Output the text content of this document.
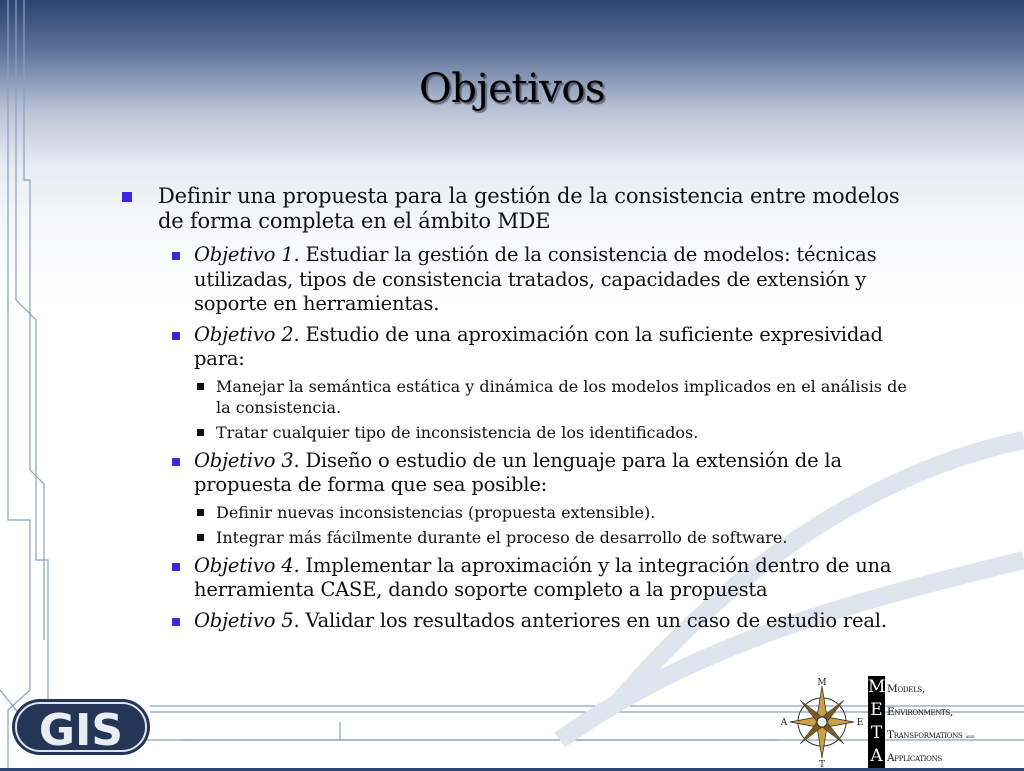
Objetivos
Definir una propuesta para la gestión de la consistencia entre modelos de forma completa en el ámbito MDE
Objetivo 1. Estudiar la gestión de la consistencia de modelos: técnicas utilizadas, tipos de consistencia tratados, capacidades de extensión y soporte en herramientas.
Objetivo 2. Estudio de una aproximación con la suficiente expresividad para:
Manejar la semántica estática y dinámica de los modelos implicados en el análisis de la consistencia.
Tratar cualquier tipo de inconsistencia de los identificados.
Objetivo 3. Diseño o estudio de un lenguaje para la extensión de la propuesta de forma que sea posible:
Definir nuevas inconsistencias (propuesta extensible).
Integrar más fácilmente durante el proceso de desarrollo de software.
Objetivo 4. Implementar la aproximación y la integración dentro de una herramienta CASE, dando soporte completo a la propuesta
Objetivo 5. Validar los resultados anteriores en un caso de estudio real.
GIS
M
E
T
A
M
E
T
A
Models,
Environments,
Transformations and
Applications
